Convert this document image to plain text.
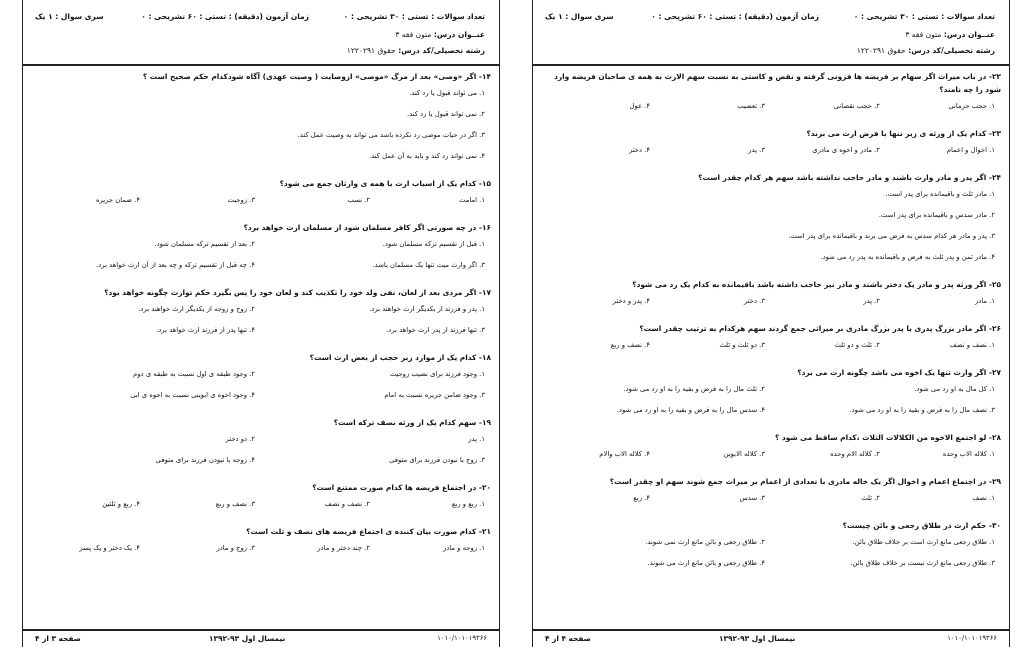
تعداد سوالات : تستی : ۳۰ تشریحی : ۰
زمان آزمون (دقیقه) : تستی : ۶۰ تشریحی : ۰
سری سوال : ۱ یک
عنــوان درس: متون فقه ۳
رشته تحصیلی/کد درس: حقوق ۱۲۲۰۲۹۱
۲۲- در باب میراث اگر سهام بر فریضه ها فزونی گرفته و نقص و کاستی به نسبت سهم الارث به همه ی صاحبان فریضه وارد شود را چه نامند؟
۱. حجب حرمانی
۲. حجب نقصانی
۳. تعصیب
۴. عول
۲۳- کدام یک از ورثه ی زیر تنها با فرض ارث می برند؟
۱. اخوال و اعمام
۲. مادر و اخوه ی مادری
۳. پدر
۴. دختر
۲۴- اگر پدر و مادر وارث باشند و مادر حاجب نداشته باشد سهم هر کدام چقدر است؟
۱. مادر ثلث و باقیمانده برای پدر است.
۲. مادر سدس و باقیمانده برای پدر است.
۳. پدر و مادر هر کدام سدس به فرض می برند و باقیمانده برای پدر است.
۴. مادر ثمن و پدر ثلث به فرض و باقیمانده به پدر رد می شود.
۲۵- اگر ورثه پدر و مادر یک دختر باشند و مادر نیز حاجب داشته باشد باقیمانده به کدام یک رد می شود؟
۱. مادر
۲. پدر
۳. دختر
۴. پدر و دختر
۲۶- اگر مادر بزرگ پدری با پدر بزرگ مادری بر میراثی جمع گردند سهم هرکدام به ترتیب چقدر است؟
۱. نصف و نصف
۲. ثلث و دو ثلث
۳. دو ثلث و ثلث
۴. نصف و ربع
۲۷- اگر وارث تنها یک اخوه می باشد چگونه ارث می برد؟
۱. کل مال به او رد می شود.
۲. ثلث مال را به فرض و بقیه را به او رد می شود.
۳. نصف مال را به فرض و بقیه را به او رد می شود.
۴. سدس مال را به فرض و بقیه را به او رد می شود.
۲۸- لو اجتمع الاخوه من الکلالات الثلاث ،کدام ساقط می شود ؟
۱. کلاله الاب وحده
۲. کلاله الام وحده
۳. کلاله الابوین
۴. کلاله الاب والام
۲۹- در اجتماع اعمام و اخوال اگر یک خاله مادری با تعدادی از اعمام بر میراث جمع شوند سهم او چقدر است؟
۱. نصف
۲. ثلث
۳. سدس
۴. ربع
۳۰- حکم ارث در طلاق رجعی و بائن چیست؟
۱. طلاق رجعی مانع ارث است بر خلاف طلاق بائن.
۲. طلاق رجعی و بائن مانع ارث نمی شوند.
۳. طلاق رجعی مانع ارث نیست بر خلاف طلاق بائن.
۴. طلاق رجعی و بائن مانع ارث می شوند.
۱۰۱۰/۱۰۱۰۱۹۳۶۶
نیمسال اول ۹۳-۱۳۹۲
صفحه ۴ از ۴
تعداد سوالات : تستی : ۳۰ تشریحی : ۰
زمان آزمون (دقیقه) : تستی : ۶۰ تشریحی : ۰
سری سوال : ۱ یک
عنــوان درس: متون فقه ۳
رشته تحصیلی/کد درس: حقوق ۱۲۲۰۲۹۱
۱۴- اگر «وصی» بعد از مرگ «موصی» ازوصایت ( وصیت عهدی) آگاه شودکدام حکم صحیح است ؟
۱. می تواند قبول یا رد کند.
۲. نمی تواند قبول یا رد کند.
۳. اگر در حیات موصی رد نکرده باشد می تواند به وصیت عمل کند.
۴. نمی تواند رد کند و باید به آن عمل کند.
۱۵- کدام یک از اسباب ارث با همه ی وارثان جمع می شود؟
۱. امامت
۲. نسب
۳. زوجیت
۴. ضمان جریره
۱۶- در چه صورتی اگر کافر مسلمان شود از مسلمان ارث خواهد برد؟
۱. قبل از تقسیم ترکه مسلمان شود.
۲. بعد از تقسیم ترکه مسلمان شود.
۳. اگر وارث میت تنها یک مسلمان باشد.
۴. چه قبل از تقسیم ترکه و چه بعد از آن ارث خواهد برد.
۱۷- اگر مردی بعد از لعان، نفی ولد خود را تکذیب کند و لعان خود را پس بگیرد حکم توارث چگونه خواهد بود؟
۱. پدر و فرزند از یکدیگر ارث خواهند برد.
۲. زوج و زوجه از یکدیگر ارث خواهند برد.
۳. تنها فرزند از پدر ارث خواهد برد.
۴. تنها پدر از فرزند ارث خواهد برد.
۱۸- کدام یک از موارد زیر حجب از بعض ارث است؟
۱. وجود فرزند برای نصیب زوجیت
۲. وجود طبقه ی اول نسبت به طبقه ی دوم
۳. وجود ضامن جریره نسبت به امام
۴. وجود اخوه ی ابوینی نسبت به اخوه ی ابی
۱۹- سهم کدام یک از ورثه نصف ترکه است؟
۱. پدر
۲. دو دختر
۳. زوج با نبودن فرزند برای متوفی
۴. زوجه با نبودن فرزند برای متوفی
۲۰- در اجتماع فریضه ها کدام صورت ممتنع است؟
۱. ربع و ربع
۲. نصف و نصف
۳. نصف و ربع
۴. ربع و ثلثین
۲۱- کدام صورت بیان کننده ی اجتماع فریضه های نصف و ثلث است؟
۱. زوجه و مادر
۲. چند دختر و مادر
۳. زوج و مادر
۴. یک دختر و یک پسر
۱۰۱۰/۱۰۱۰۱۹۳۶۶
نیمسال اول ۹۳-۱۳۹۲
صفحه ۳ از ۴
